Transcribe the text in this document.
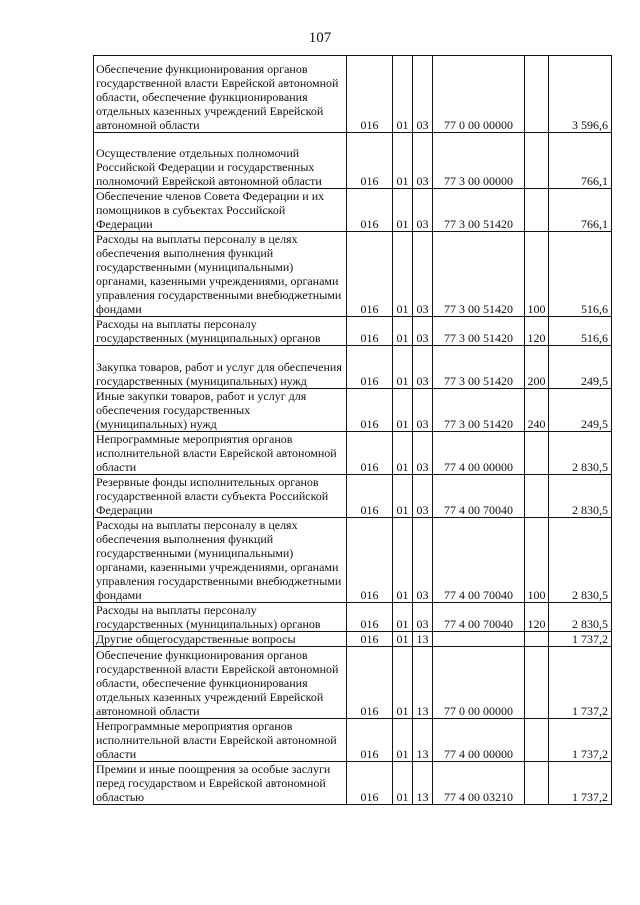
107
Обеспечение функционирования органов государственной власти Еврейской автономной области, обеспечение функционирования отдельных казенных учреждений Еврейской автономной области	016	01	03	77 0 00 00000		3 596,6
Осуществление отдельных полномочий Российской Федерации и государственных полномочий Еврейской автономной области	016	01	03	77 3 00 00000		766,1
Обеспечение членов Совета Федерации и их помощников в субъектах Российской Федерации	016	01	03	77 3 00 51420		766,1
Расходы на выплаты персоналу в целях обеспечения выполнения функций государственными (муниципальными) органами, казенными учреждениями, органами управления государственными внебюджетными фондами	016	01	03	77 3 00 51420	100	516,6
Расходы на выплаты персоналу государственных (муниципальных) органов	016	01	03	77 3 00 51420	120	516,6
Закупка товаров, работ и услуг для обеспечения государственных (муниципальных) нужд	016	01	03	77 3 00 51420	200	249,5
Иные закупки товаров, работ и услуг для обеспечения государственных (муниципальных) нужд	016	01	03	77 3 00 51420	240	249,5
Непрограммные мероприятия органов исполнительной власти Еврейской автономной области	016	01	03	77 4 00 00000		2 830,5
Резервные фонды исполнительных органов государственной власти субъекта Российской Федерации	016	01	03	77 4 00 70040		2 830,5
Расходы на выплаты персоналу в целях обеспечения выполнения функций государственными (муниципальными) органами, казенными учреждениями, органами управления государственными внебюджетными фондами	016	01	03	77 4 00 70040	100	2 830,5
Расходы на выплаты персоналу государственных (муниципальных) органов	016	01	03	77 4 00 70040	120	2 830,5
Другие общегосударственные вопросы	016	01	13			1 737,2
Обеспечение функционирования органов государственной власти Еврейской автономной области, обеспечение функционирования отдельных казенных учреждений Еврейской автономной области	016	01	13	77 0 00 00000		1 737,2
Непрограммные мероприятия органов исполнительной власти Еврейской автономной области	016	01	13	77 4 00 00000		1 737,2
Премии и иные поощрения за особые заслуги перед государством и Еврейской автономной областью	016	01	13	77 4 00 03210		1 737,2
